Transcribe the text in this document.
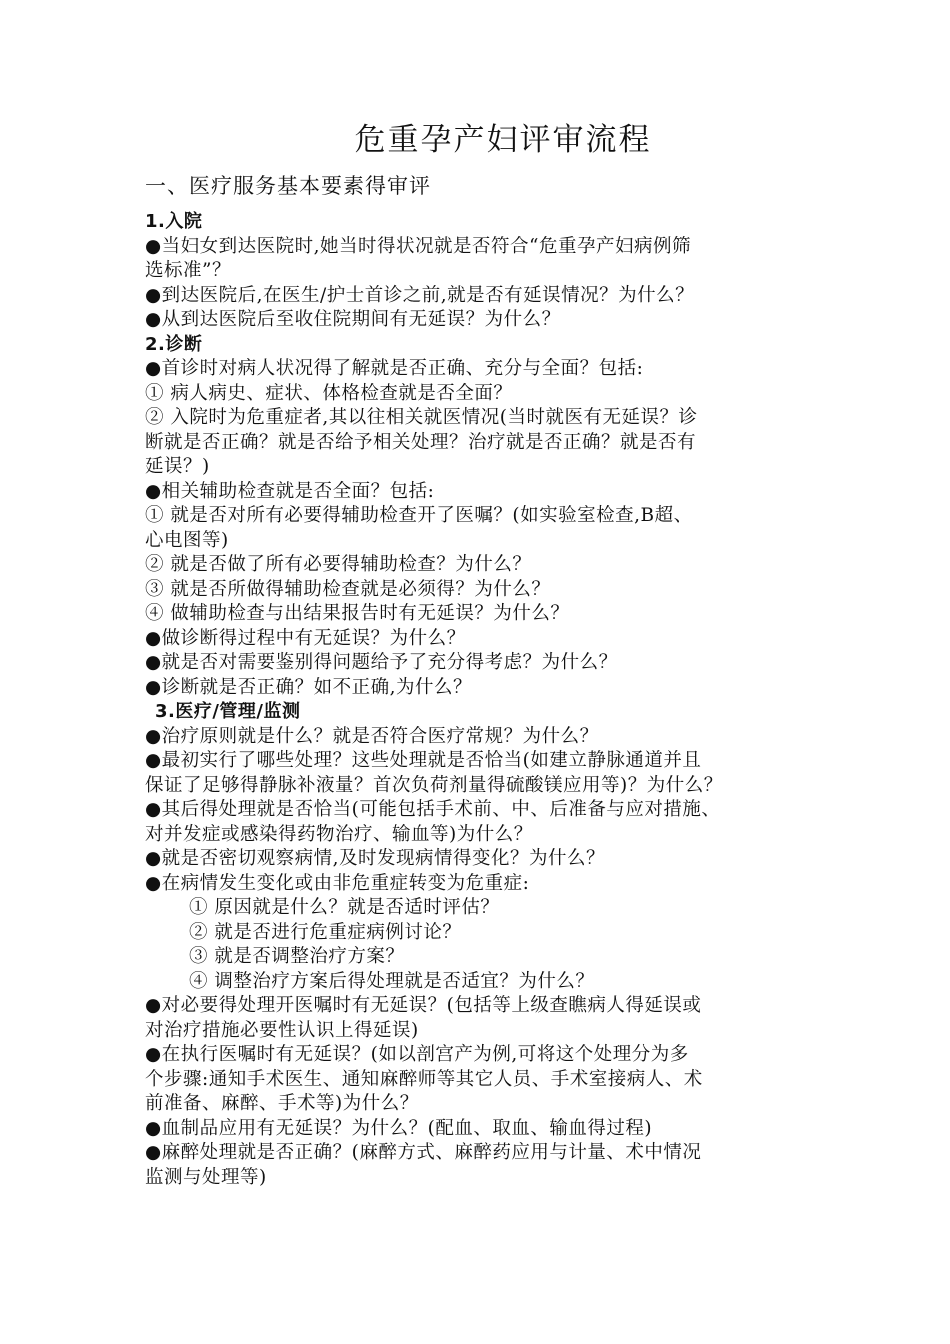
危重孕产妇评审流程
一、医疗服务基本要素得审评
1.入院
●当妇女到达医院时,她当时得状况就是否符合“危重孕产妇病例筛
选标准”？
●到达医院后,在医生/护士首诊之前,就是否有延误情况？为什么？
●从到达医院后至收住院期间有无延误？为什么？
2.诊断
●首诊时对病人状况得了解就是否正确、充分与全面？包括:
① 病人病史、症状、体格检查就是否全面？
② 入院时为危重症者,其以往相关就医情况(当时就医有无延误？诊
断就是否正确？就是否给予相关处理？治疗就是否正确？就是否有
延误？)
●相关辅助检查就是否全面？包括:
① 就是否对所有必要得辅助检查开了医嘱？(如实验室检查,B超、
心电图等)
② 就是否做了所有必要得辅助检查？为什么？
③ 就是否所做得辅助检查就是必须得？为什么？
④ 做辅助检查与出结果报告时有无延误？为什么？
●做诊断得过程中有无延误？为什么？
●就是否对需要鉴别得问题给予了充分得考虑？为什么？
●诊断就是否正确？如不正确,为什么？
3.医疗/管理/监测
●治疗原则就是什么？就是否符合医疗常规？为什么？
●最初实行了哪些处理？这些处理就是否恰当(如建立静脉通道并且
保证了足够得静脉补液量？首次负荷剂量得硫酸镁应用等)？为什么？
●其后得处理就是否恰当(可能包括手术前、中、后准备与应对措施、
对并发症或感染得药物治疗、输血等)为什么？
●就是否密切观察病情,及时发现病情得变化？为什么？
●在病情发生变化或由非危重症转变为危重症:
① 原因就是什么？就是否适时评估？
② 就是否进行危重症病例讨论？
③ 就是否调整治疗方案？
④ 调整治疗方案后得处理就是否适宜？为什么？
●对必要得处理开医嘱时有无延误？(包括等上级查瞧病人得延误或
对治疗措施必要性认识上得延误)
●在执行医嘱时有无延误？(如以剖宫产为例,可将这个处理分为多
个步骤:通知手术医生、通知麻醉师等其它人员、手术室接病人、术
前准备、麻醉、手术等)为什么？
●血制品应用有无延误？为什么？(配血、取血、输血得过程)
●麻醉处理就是否正确？(麻醉方式、麻醉药应用与计量、术中情况
监测与处理等)
